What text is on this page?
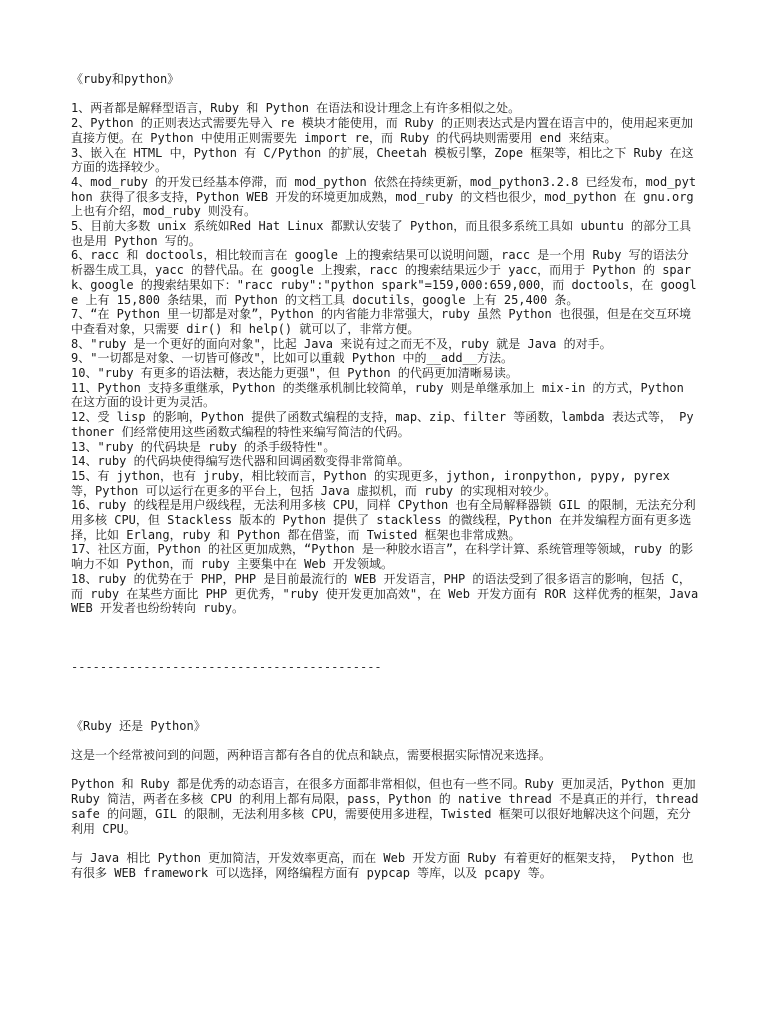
《ruby和python》

1、两者都是解释型语言，Ruby 和 Python 在语法和设计理念上有许多相似之处。

2、Python 的正则表达式需要先导入 re 模块才能使用，而 Ruby 的正则表达式是内置在语言中的，使用起来更加直接方便。在 Python 中使用正则需要先 import re，而 Ruby 的代码块则需要用 end 来结束。

3、嵌入在 HTML 中，Python 有 C/Python 的扩展，Cheetah 模板引擎，Zope 框架等，相比之下 Ruby 在这方面的选择较少。

4、mod_ruby 的开发已经基本停滞，而 mod_python 依然在持续更新，mod_python3.2.8 已经发布，mod_python 获得了很多支持，Python WEB 开发的环境更加成熟，mod_ruby 的文档也很少，mod_python 在 gnu.org 上也有介绍，mod_ruby 则没有。

5、目前大多数 unix 系统如Red Hat Linux 都默认安装了 Python，而且很多系统工具如 ubuntu 的部分工具也是用 Python 写的。

6、racc 和 doctools，相比较而言在 google 上的搜索结果可以说明问题，racc 是一个用 Ruby 写的语法分析器生成工具，yacc 的替代品。在 google 上搜索，racc 的搜索结果远少于 yacc，而用于 Python 的 spark、google 的搜索结果如下："racc ruby":"python spark"=159,000:659,000，而 doctools，在 google 上有 15,800 条结果，而 Python 的文档工具 docutils，google 上有 25,400 条。

7、“在 Python 里一切都是对象”，Python 的内省能力非常强大，ruby 虽然 Python 也很强，但是在交互环境中查看对象，只需要 dir() 和 help() 就可以了，非常方便。

8、"ruby 是一个更好的面向对象"，比起 Java 来说有过之而无不及，ruby 就是 Java 的对手。

9、"一切都是对象、一切皆可修改"，比如可以重载 Python 中的__add__方法。

10、"ruby 有更多的语法糖，表达能力更强"，但 Python 的代码更加清晰易读。

11、Python 支持多重继承，Python 的类继承机制比较简单，ruby 则是单继承加上 mix-in 的方式，Python 在这方面的设计更为灵活。

12、受 lisp 的影响，Python 提供了函数式编程的支持，map、zip、filter 等函数，lambda 表达式等， Pythoner 们经常使用这些函数式编程的特性来编写简洁的代码。

13、"ruby 的代码块是 ruby 的杀手级特性"。

14、ruby 的代码块使得编写迭代器和回调函数变得非常简单。

15、有 jython，也有 jruby，相比较而言，Python 的实现更多，jython, ironpython, pypy, pyrex 等，Python 可以运行在更多的平台上，包括 Java 虚拟机，而 ruby 的实现相对较少。

16、ruby 的线程是用户级线程，无法利用多核 CPU，同样 CPython 也有全局解释器锁 GIL 的限制，无法充分利用多核 CPU，但 Stackless 版本的 Python 提供了 stackless 的微线程，Python 在并发编程方面有更多选择，比如 Erlang，ruby 和 Python 都在借鉴，而 Twisted 框架也非常成熟。

17、社区方面，Python 的社区更加成熟，“Python 是一种胶水语言”，在科学计算、系统管理等领域，ruby 的影响力不如 Python，而 ruby 主要集中在 Web 开发领域。

18、ruby 的优势在于 PHP，PHP 是目前最流行的 WEB 开发语言，PHP 的语法受到了很多语言的影响，包括 C，而 ruby 在某些方面比 PHP 更优秀，"ruby 使开发更加高效"，在 Web 开发方面有 ROR 这样优秀的框架，Java WEB 开发者也纷纷转向 ruby。

-------------------------------------------

《Ruby 还是 Python》

这是一个经常被问到的问题，两种语言都有各自的优点和缺点，需要根据实际情况来选择。

Python 和 Ruby 都是优秀的动态语言，在很多方面都非常相似，但也有一些不同。Ruby 更加灵活，Python 更加 Ruby 简洁，两者在多核 CPU 的利用上都有局限，pass，Python 的 native thread 不是真正的并行，threadsafe 的问题，GIL 的限制，无法利用多核 CPU，需要使用多进程，Twisted 框架可以很好地解决这个问题，充分利用 CPU。

与 Java 相比 Python 更加简洁，开发效率更高，而在 Web 开发方面 Ruby 有着更好的框架支持， Python 也有很多 WEB framework 可以选择，网络编程方面有 pypcap 等库，以及 pcapy 等。
